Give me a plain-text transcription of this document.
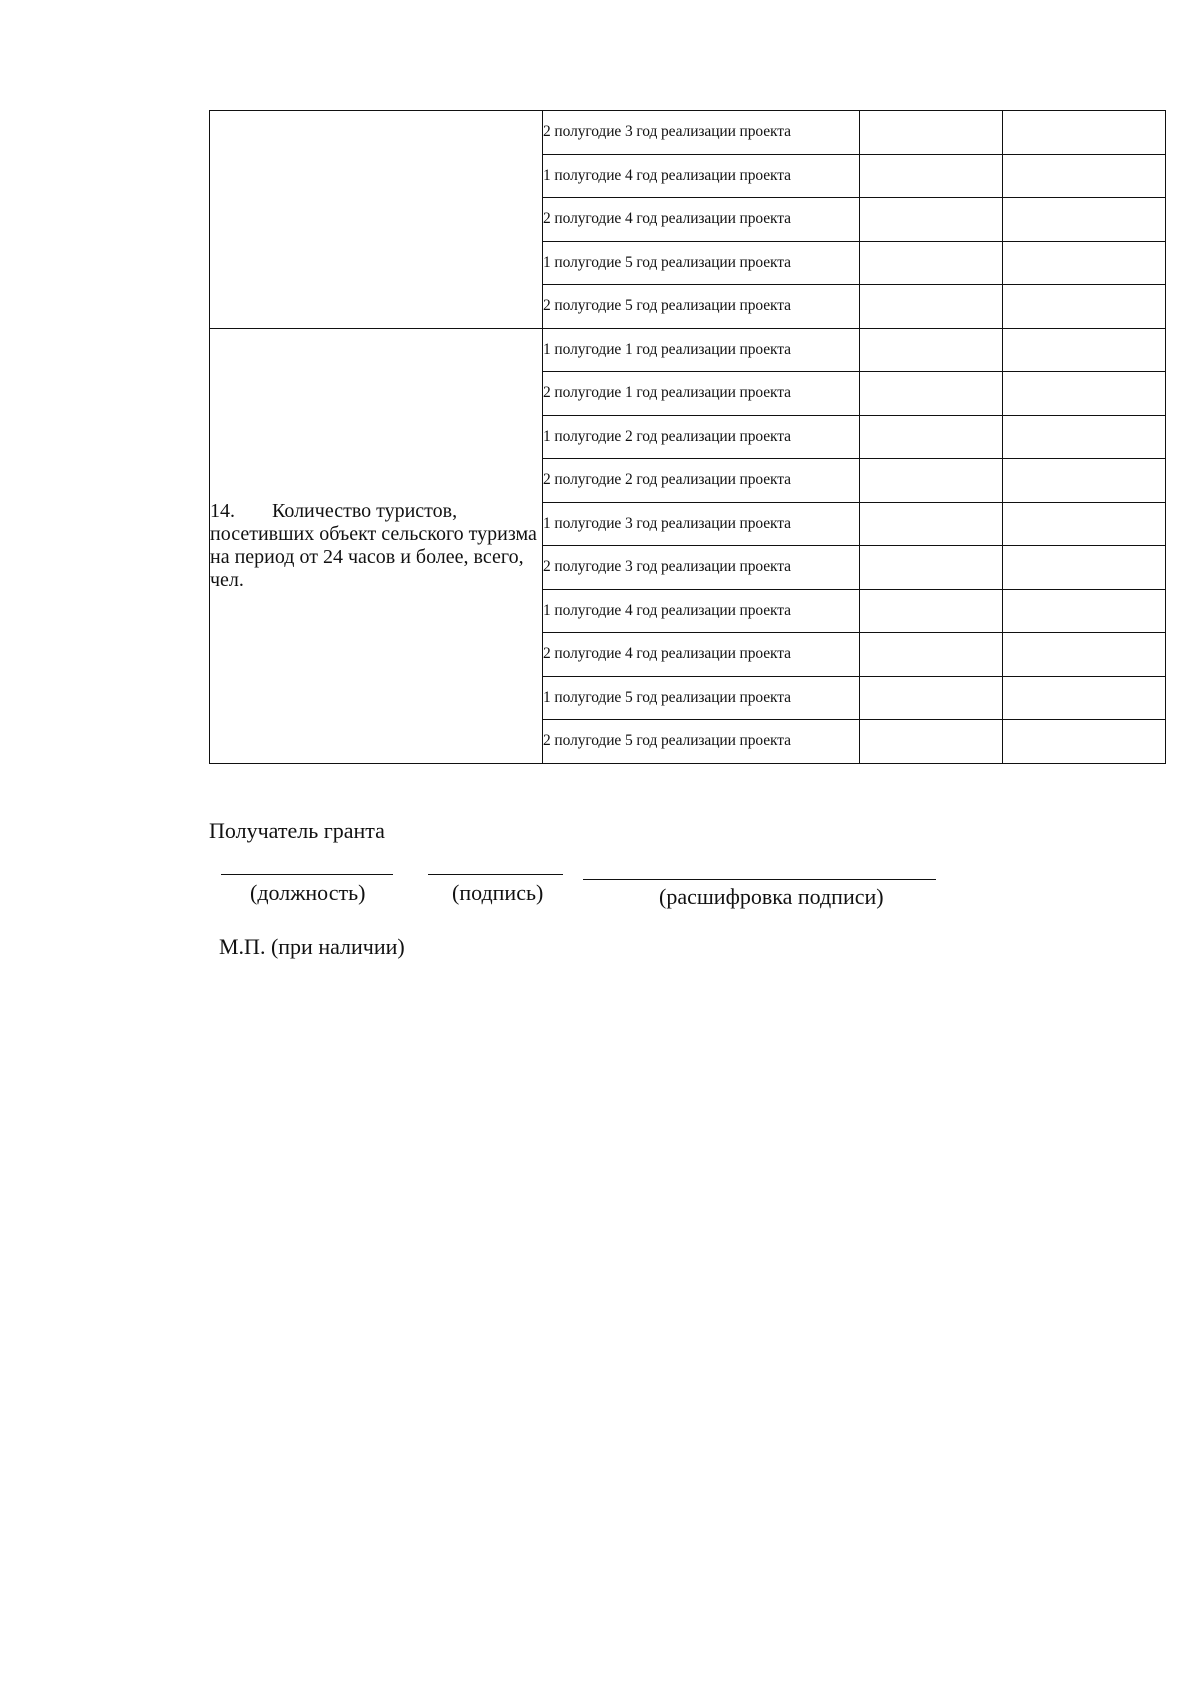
	2 полугодие 3 год реализации проекта		
	1 полугодие 4 год реализации проекта		
	2 полугодие 4 год реализации проекта		
	1 полугодие 5 год реализации проекта		
	2 полугодие 5 год реализации проекта		
14. Количество туристов, посетивших объект сельского туризма на период от 24 часов и более, всего, чел.	1 полугодие 1 год реализации проекта		
	2 полугодие 1 год реализации проекта		
	1 полугодие 2 год реализации проекта		
	2 полугодие 2 год реализации проекта		
	1 полугодие 3 год реализации проекта		
	2 полугодие 3 год реализации проекта		
	1 полугодие 4 год реализации проекта		
	2 полугодие 4 год реализации проекта		
	1 полугодие 5 год реализации проекта		
	2 полугодие 5 год реализации проекта		
Получатель гранта
(должность)	(подпись)	(расшифровка подписи)
М.П. (при наличии)
